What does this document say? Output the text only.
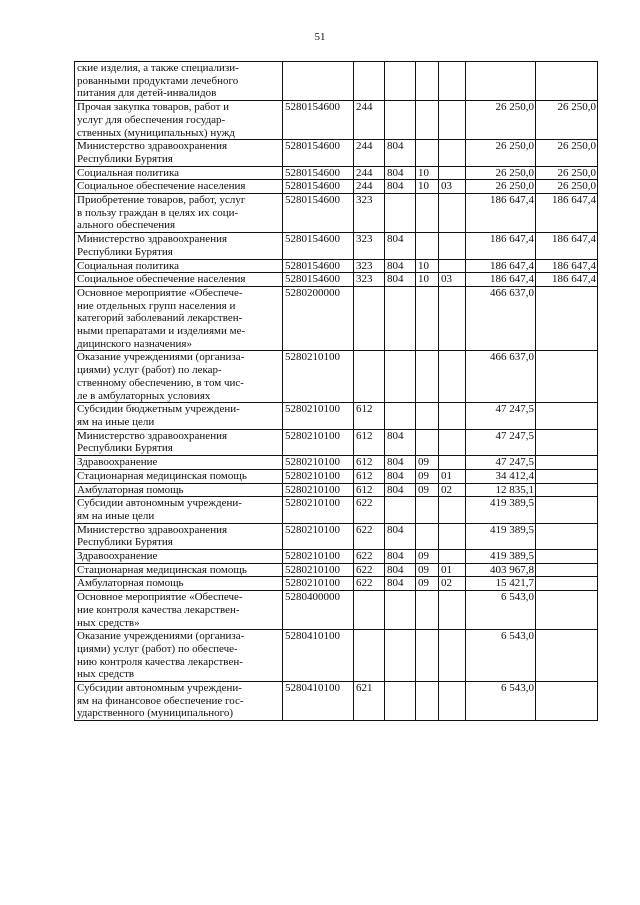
51
ские изделия, а также специализи-
рованными продуктами лечебного
питания для детей-инвалидов							

Прочая закупка товаров, работ и
услуг для обеспечения государ-
ственных (муниципальных) нужд	5280154600	244				26 250,0	26 250,0

Министерство здравоохранения
Республики Бурятия	5280154600	244	804			26 250,0	26 250,0

Социальная политика	5280154600	244	804	10		26 250,0	26 250,0

Социальное обеспечение населения	5280154600	244	804	10	03	26 250,0	26 250,0

Приобретение товаров, работ, услуг
в пользу граждан в целях их соци-
ального обеспечения	5280154600	323				186 647,4	186 647,4

Министерство здравоохранения
Республики Бурятия	5280154600	323	804			186 647,4	186 647,4

Социальная политика	5280154600	323	804	10		186 647,4	186 647,4

Социальное обеспечение населения	5280154600	323	804	10	03	186 647,4	186 647,4

Основное мероприятие «Обеспече-
ние отдельных групп населения и
категорий заболеваний лекарствен-
ными препаратами и изделиями ме-
дицинского назначения»	5280200000					466 637,0	

Оказание учреждениями (организа-
циями) услуг (работ) по лекар-
ственному обеспечению, в том чис-
ле в амбулаторных условиях	5280210100					466 637,0	

Субсидии бюджетным учреждени-
ям на иные цели	5280210100	612				47 247,5	

Министерство здравоохранения
Республики Бурятия	5280210100	612	804			47 247,5	

Здравоохранение	5280210100	612	804	09		47 247,5	

Стационарная медицинская помощь	5280210100	612	804	09	01	34 412,4	

Амбулаторная помощь	5280210100	612	804	09	02	12 835,1	

Субсидии автономным учреждени-
ям на иные цели	5280210100	622				419 389,5	

Министерство здравоохранения
Республики Бурятия	5280210100	622	804			419 389,5	

Здравоохранение	5280210100	622	804	09		419 389,5	

Стационарная медицинская помощь	5280210100	622	804	09	01	403 967,8	

Амбулаторная помощь	5280210100	622	804	09	02	15 421,7	

Основное мероприятие «Обеспече-
ние контроля качества лекарствен-
ных средств»	5280400000					6 543,0	

Оказание учреждениями (организа-
циями) услуг (работ) по обеспече-
нию контроля качества лекарствен-
ных средств	5280410100					6 543,0	

Субсидии автономным учреждени-
ям на финансовое обеспечение гос-
ударственного (муниципального)	5280410100	621				6 543,0	
